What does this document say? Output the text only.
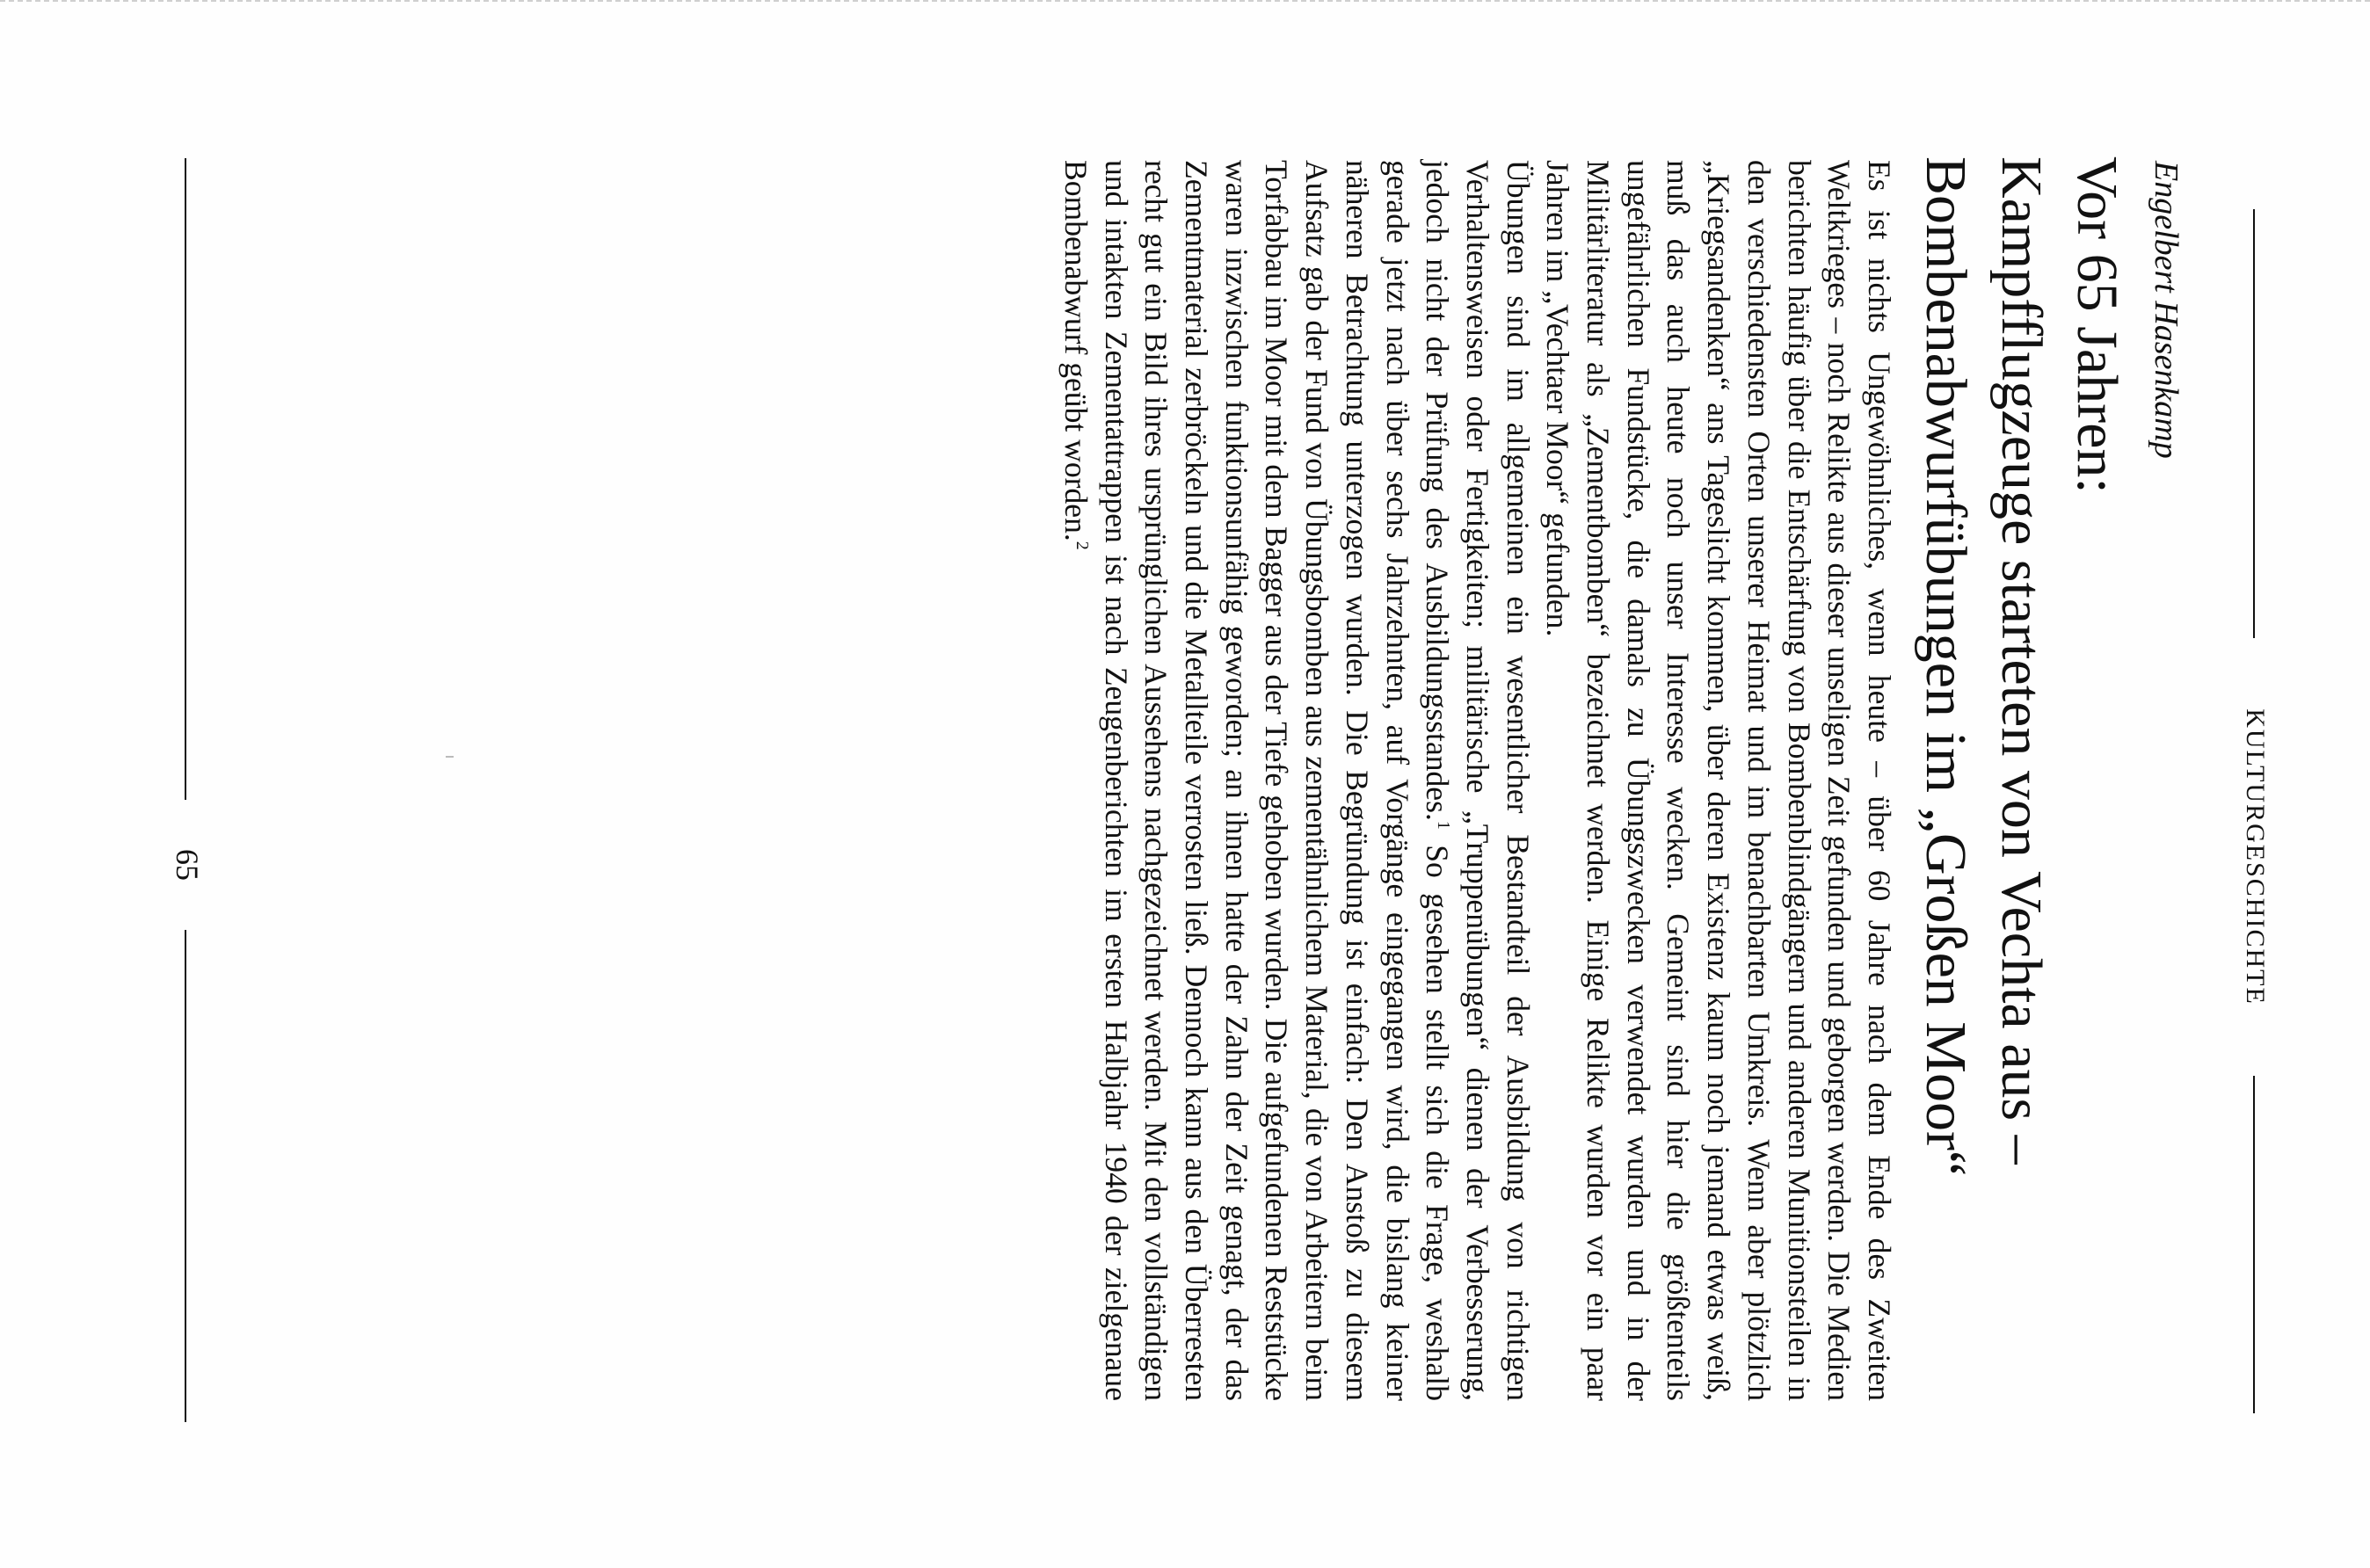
KULTURGESCHICHTE
Engelbert Hasenkamp
Vor 65 Jahren:
Kampfflugzeuge starteten von Vechta aus –
Bombenabwurfübungen im „Großen Moor“

Es ist nichts Ungewöhnliches, wenn heute – über 60 Jahre nach dem Ende des Zweiten Weltkrieges – noch Relikte aus dieser unseligen Zeit gefunden und geborgen werden. Die Medien berichten häufig über die Entschärfung von Bombenblindgängern und anderen Munitionsteilen in den verschiedensten Orten unserer Heimat und im benachbarten Umkreis. Wenn aber plötzlich „Kriegsandenken“ ans Tageslicht kommen, über deren Existenz kaum noch jemand etwas weiß, muß das auch heute noch unser Interesse wecken. Gemeint sind hier die größtenteils ungefährlichen Fundstücke, die damals zu Übungszwecken verwendet wurden und in der Militärliteratur als „Zementbomben“ bezeichnet werden. Einige Relikte wurden vor ein paar Jahren im „Vechtaer Moor“ gefunden.

Übungen sind im allgemeinen ein wesentlicher Bestandteil der Ausbildung von richtigen Verhaltensweisen oder Fertigkeiten; militärische „Truppenübungen“ dienen der Verbesserung, jedoch nicht der Prüfung des Ausbildungsstandes.$^1$ So gesehen stellt sich die Frage, weshalb gerade jetzt nach über sechs Jahrzehnten, auf Vorgänge eingegangen wird, die bislang keiner näheren Betrachtung unterzogen wurden. Die Begründung ist einfach: Den Anstoß zu diesem Aufsatz gab der Fund von Übungsbomben aus zementähnlichem Material, die von Arbeitern beim Torfabbau im Moor mit dem Bagger aus der Tiefe gehoben wurden. Die aufgefundenen Reststücke waren inzwischen funktionsunfähig geworden; an ihnen hatte der Zahn der Zeit genagt, der das Zementmaterial zerbröckeln und die Metallteile verrosten ließ. Dennoch kann aus den Überresten recht gut ein Bild ihres ursprünglichen Aussehens nachgezeichnet werden. Mit den vollständigen und intakten Zementattrappen ist nach Zeugenberichten im ersten Halbjahr 1940 der zielgenaue Bombenabwurf geübt worden.$^2$

65
